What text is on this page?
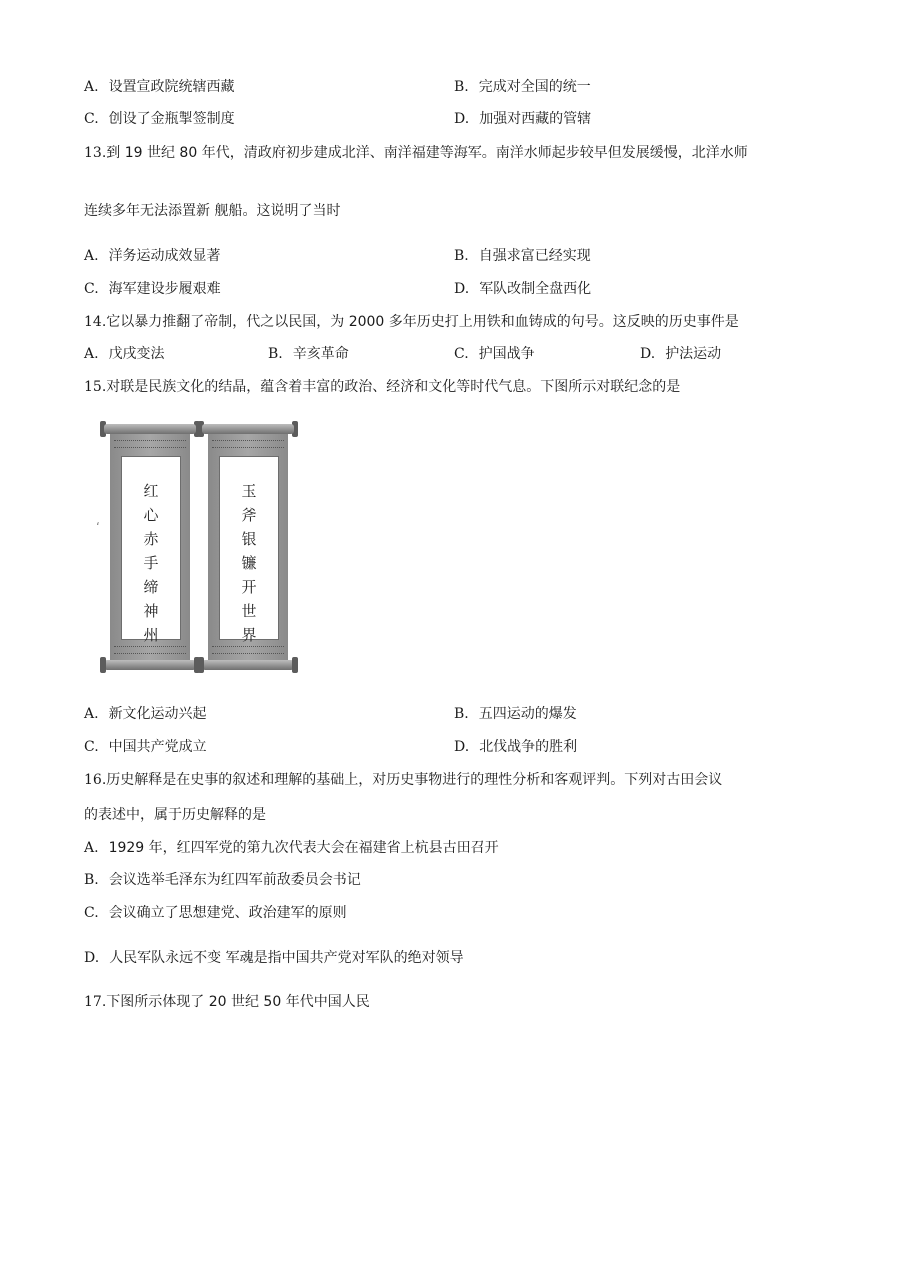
A. 设置宣政院统辖西藏	B. 完成对全国的统一
C. 创设了金瓶掣签制度	D. 加强对西藏的管辖
13.到 19 世纪 80 年代，清政府初步建成北洋、南洋福建等海军。南洋水师起步较早但发展缓慢，北洋水师
连续多年无法添置新 舰船。这说明了当时
A. 洋务运动成效显著	B. 自强求富已经实现
C. 海军建设步履艰难	D. 军队改制全盘西化
14.它以暴力推翻了帝制，代之以民国，为 2000 多年历史打上用铁和血铸成的句号。这反映的历史事件是
A. 戊戌变法	B. 辛亥革命	C. 护国战争	D. 护法运动
15.对联是民族文化的结晶，蕴含着丰富的政治、经济和文化等时代气息。下图所示对联纪念的是
‘
红
心
赤
手
缔
神
州
玉
斧
银
镰
开
世
界
A. 新文化运动兴起	B. 五四运动的爆发
C. 中国共产党成立	D. 北伐战争的胜利
16.历史解释是在史事的叙述和理解的基础上，对历史事物进行的理性分析和客观评判。下列对古田会议
的表述中，属于历史解释的是
A. 1929 年，红四军党的第九次代表大会在福建省上杭县古田召开
B. 会议选举毛泽东为红四军前敌委员会书记
C. 会议确立了思想建党、政治建军的原则
D. 人民军队永远不变 军魂是指中国共产党对军队的绝对领导
17.下图所示体现了 20 世纪 50 年代中国人民
